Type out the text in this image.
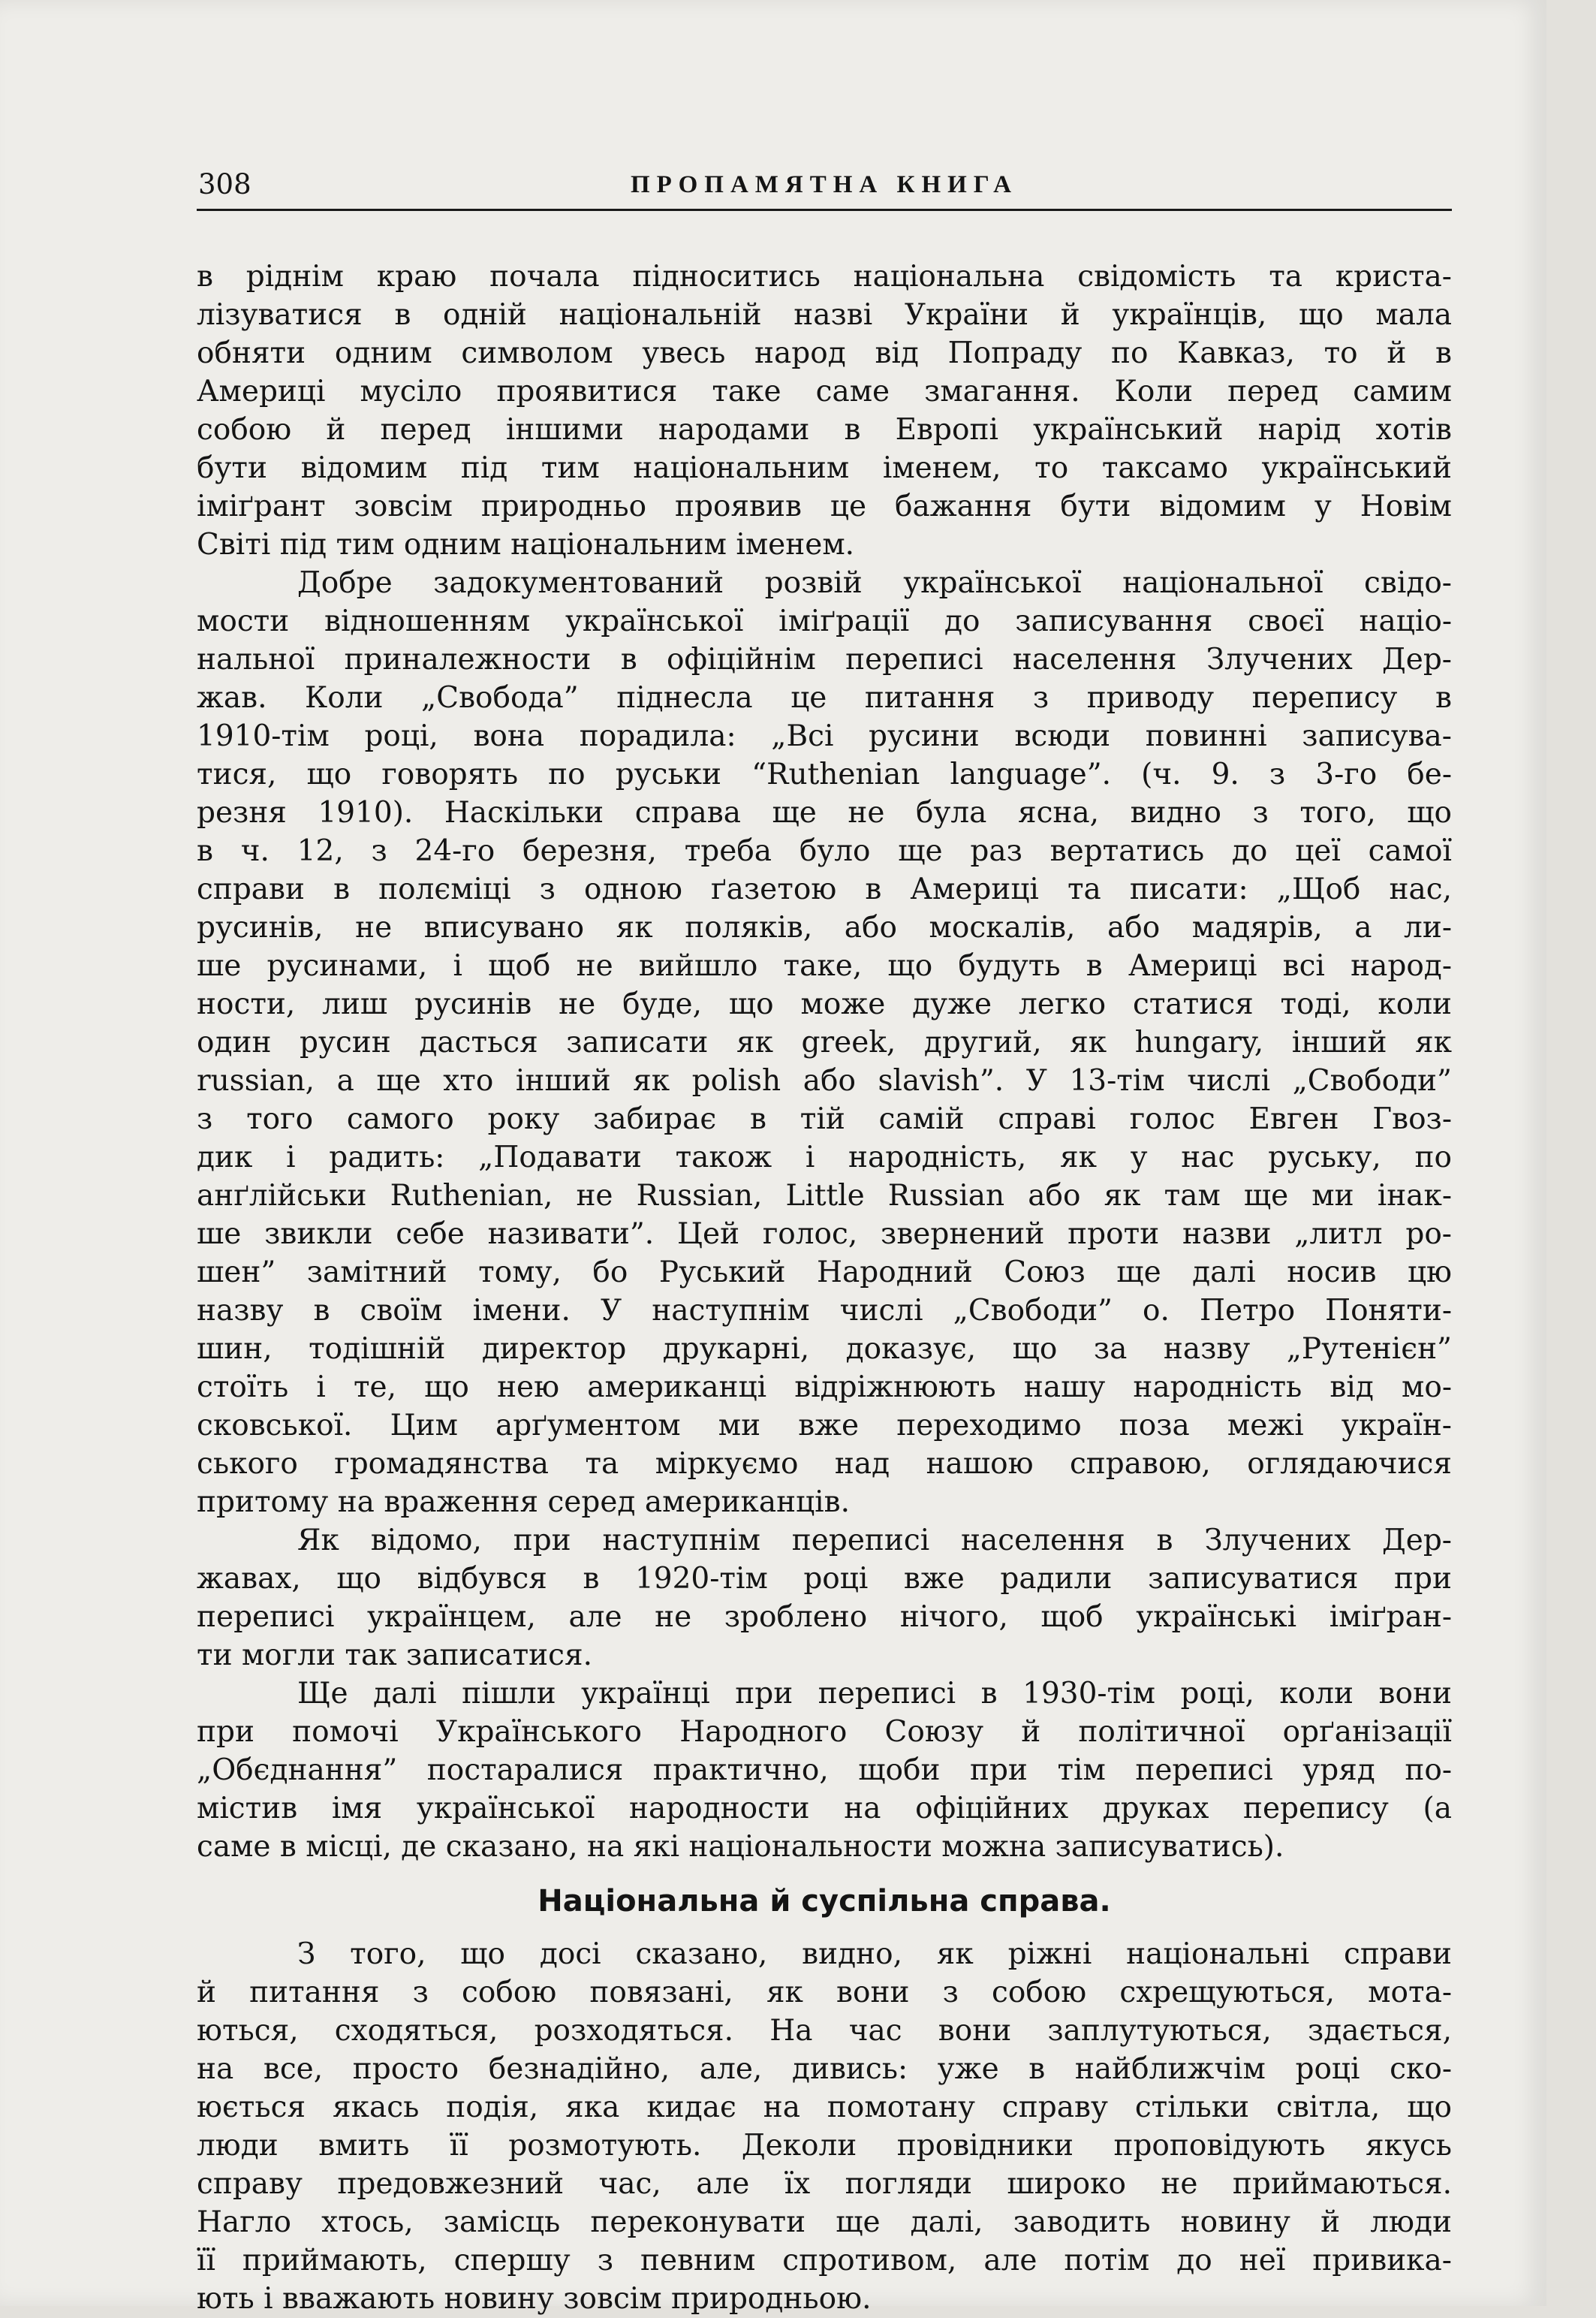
308	ПРОПАМЯТНА КНИГА

в ріднім краю почала підноситись національна свідомість та криста-
лізуватися в одній національній назві України й українців, що мала
обняти одним символом увесь народ від Попраду по Кавказ, то й в
Америці мусіло проявитися таке саме змагання. Коли перед самим
собою й перед іншими народами в Европі український нарід хотів
бути відомим під тим національним іменем, то таксамо український
іміґрант зовсім природньо проявив це бажання бути відомим у Новім
Світі під тим одним національним іменем.

Добре задокументований розвій української національної свідо-
мости відношенням української іміґрації до записування своєї націо-
нальної приналежности в офіційнім переписі населення Злучених Дер-
жав. Коли „Свобода” піднесла це питання з приводу перепису в
1910-тім році, вона порадила: „Всі русини всюди повинні записува-
тися, що говорять по руськи “Ruthenian language”. (ч. 9. з 3-го бе-
резня 1910). Наскільки справа ще не була ясна, видно з того, що
в ч. 12, з 24-го березня, треба було ще раз вертатись до цеї самої
справи в полєміці з одною ґазетою в Америці та писати: „Щоб нас,
русинів, не вписувано як поляків, або москалів, або мадярів, а ли-
ше русинами, і щоб не вийшло таке, що будуть в Америці всі народ-
ности, лиш русинів не буде, що може дуже легко статися тоді, коли
один русин дасться записати як greek, другий, як hungary, інший як
russian, а ще хто інший як polish або slavish”. У 13-тім числі „Свободи”
з того самого року забирає в тій самій справі голос Евген Гвоз-
дик і радить: „Подавати також і народність, як у нас руську, по
анґлійськи Ruthenian, не Russian, Little Russian або як там ще ми інак-
ше звикли себе називати”. Цей голос, звернений проти назви „литл ро-
шен” замітний тому, бо Руський Народний Союз ще далі носив цю
назву в своїм імени. У наступнім числі „Свободи” о. Петро Поняти-
шин, тодішній директор друкарні, доказує, що за назву „Рутенієн”
стоїть і те, що нею американці відріжнюють нашу народність від мо-
сковської. Цим арґументом ми вже переходимо поза межі україн-
ського громадянства та міркуємо над нашою справою, оглядаючися
притому на враження серед американців.

Як відомо, при наступнім переписі населення в Злучених Дер-
жавах, що відбувся в 1920-тім році вже радили записуватися при
переписі українцем, але не зроблено нічого, щоб українські іміґран-
ти могли так записатися.

Ще далі пішли українці при переписі в 1930-тім році, коли вони
при помочі Українського Народного Союзу й політичної орґанізації
„Обєднання” постаралися практично, щоби при тім переписі уряд по-
містив імя української народности на офіційних друках перепису (а
саме в місці, де сказано, на які національности можна записуватись).

Національна й суспільна справа.

З того, що досі сказано, видно, як ріжні національні справи
й питання з собою повязані, як вони з собою схрещуються, мота-
ються, сходяться, розходяться. На час вони заплутуються, здається,
на все, просто безнадійно, але, дивись: уже в найближчім році ско-
юється якась подія, яка кидає на помотану справу стільки світла, що
люди вмить її розмотують. Деколи провідники проповідують якусь
справу предовжезний час, але їх погляди широко не приймаються.
Нагло хтось, замісць переконувати ще далі, заводить новину й люди
її приймають, спершу з певним спротивом, але потім до неї привика-
ють і вважають новину зовсім природньою.
